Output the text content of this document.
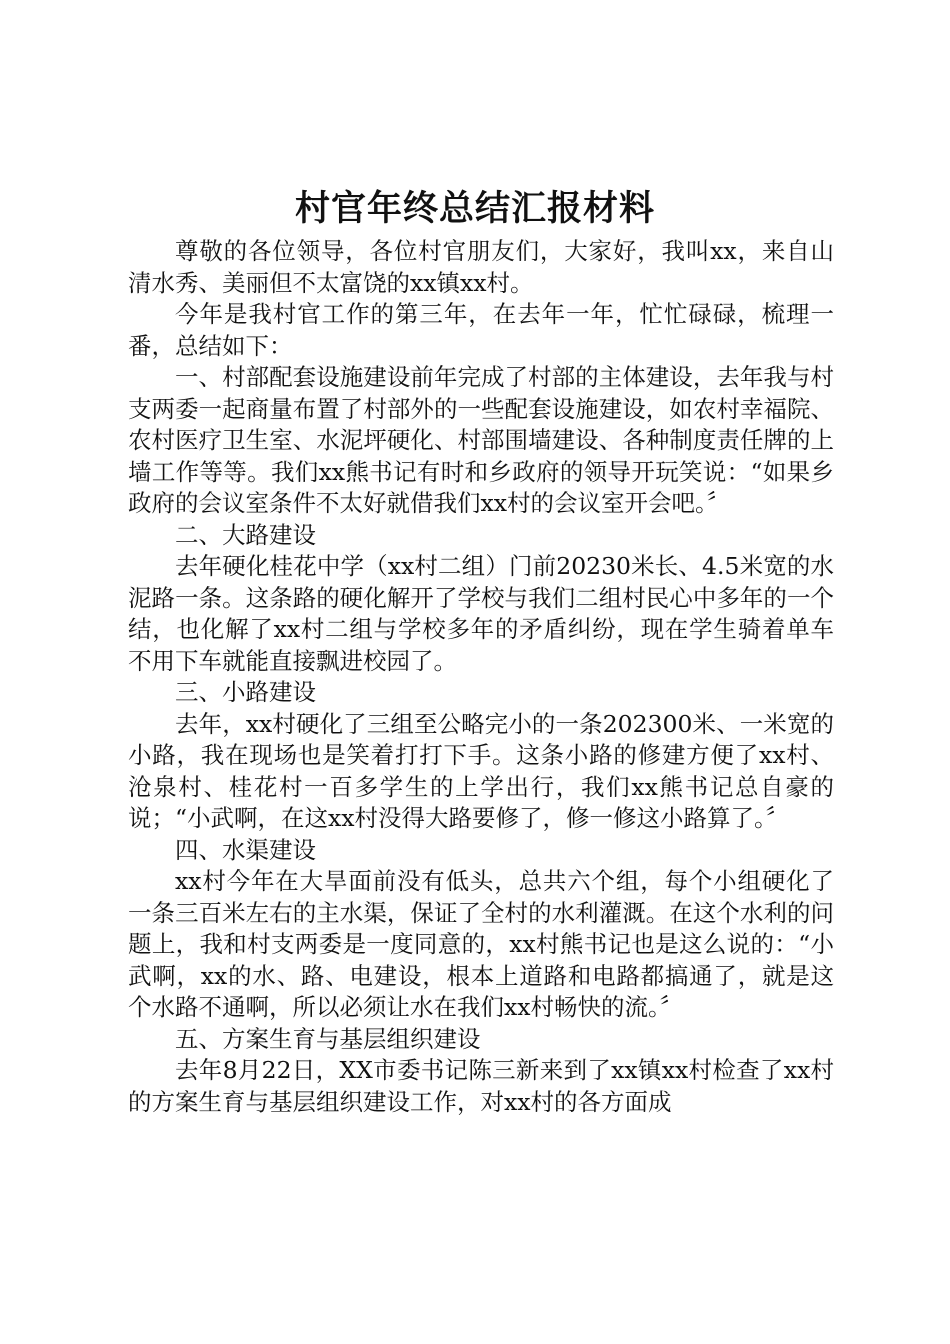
村官年终总结汇报材料

尊敬的各位领导，各位村官朋友们，大家好，我叫xx，来自山清水秀、美丽但不太富饶的xx镇xx村。

今年是我村官工作的第三年，在去年一年，忙忙碌碌，梳理一番，总结如下：

一、村部配套设施建设前年完成了村部的主体建设，去年我与村支两委一起商量布置了村部外的一些配套设施建设，如农村幸福院、农村医疗卫生室、水泥坪硬化、村部围墙建设、各种制度责任牌的上墙工作等等。我们xx熊书记有时和乡政府的领导开玩笑说：“如果乡政府的会议室条件不太好就借我们xx村的会议室开会吧。〞

二、大路建设

去年硬化桂花中学（xx村二组）门前20230米长、4.5米宽的水泥路一条。这条路的硬化解开了学校与我们二组村民心中多年的一个结，也化解了xx村二组与学校多年的矛盾纠纷，现在学生骑着单车不用下车就能直接飘进校园了。

三、小路建设

去年，xx村硬化了三组至公略完小的一条202300米、一米宽的小路，我在现场也是笑着打打下手。这条小路的修建方便了xx村、沧泉村、桂花村一百多学生的上学出行，我们xx熊书记总自豪的说；“小武啊，在这xx村没得大路要修了，修一修这小路算了。〞

四、水渠建设

xx村今年在大旱面前没有低头，总共六个组，每个小组硬化了一条三百米左右的主水渠，保证了全村的水利灌溉。在这个水利的问题上，我和村支两委是一度同意的，xx村熊书记也是这么说的：“小武啊，xx的水、路、电建设，根本上道路和电路都搞通了，就是这个水路不通啊，所以必须让水在我们xx村畅快的流。〞

五、方案生育与基层组织建设

去年8月22日，XX市委书记陈三新来到了xx镇xx村检查了xx村的方案生育与基层组织建设工作，对xx村的各方面成
